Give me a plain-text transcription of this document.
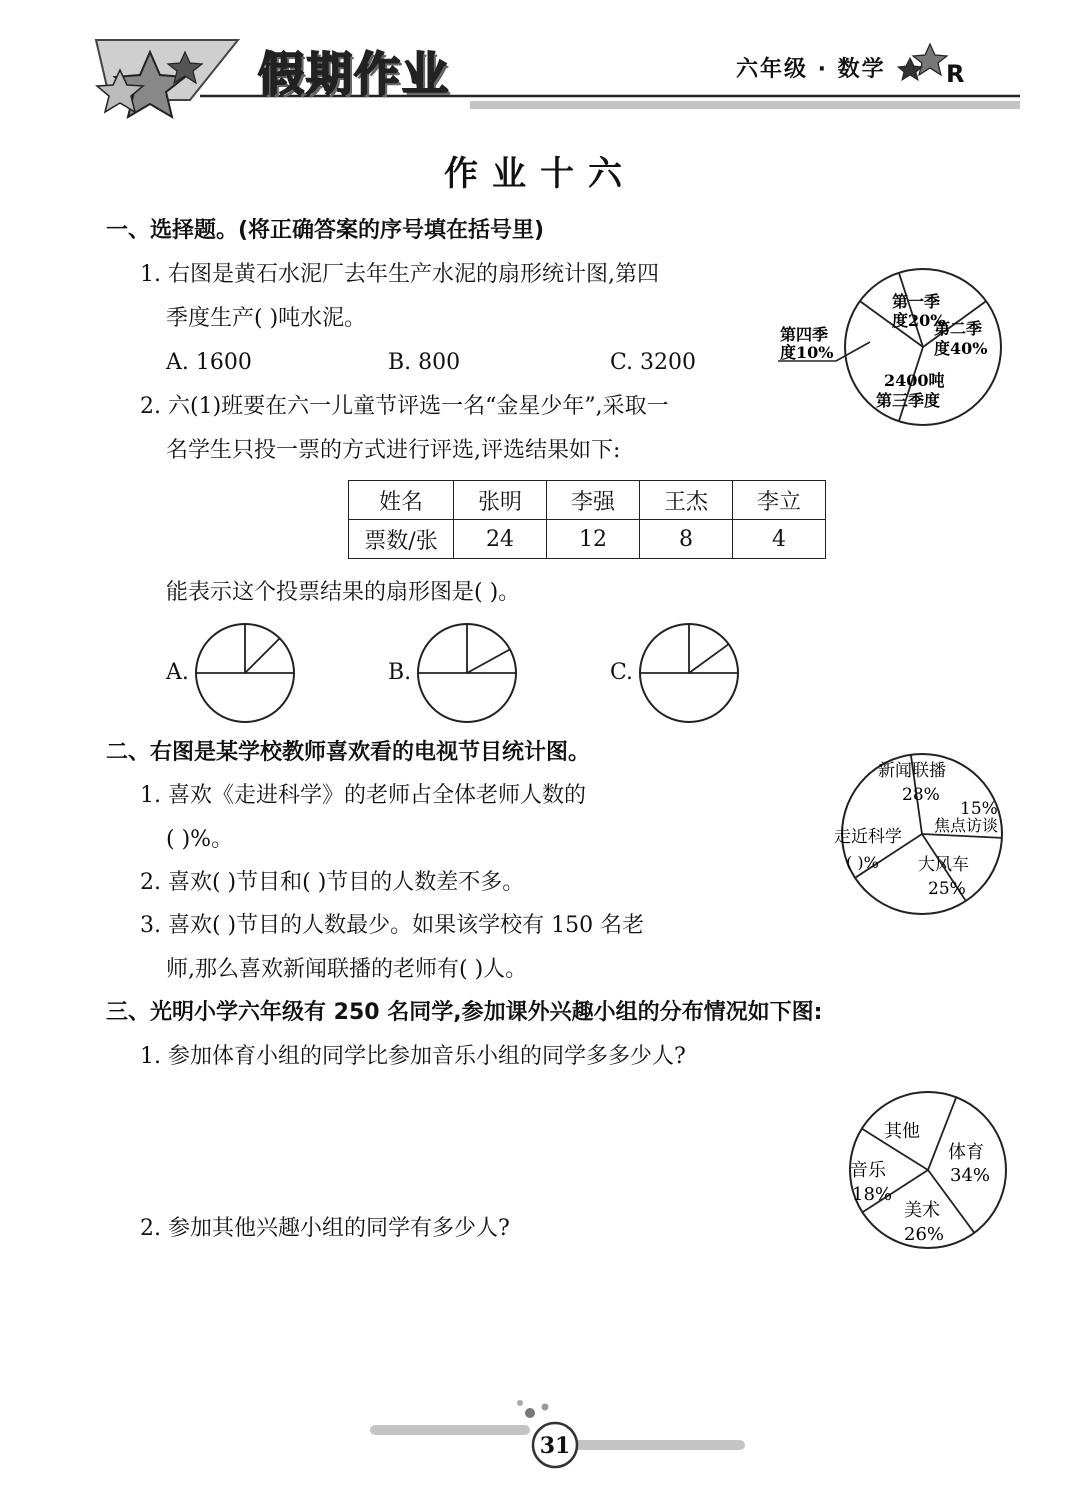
假期作业	六年级 · 数学	R
作业十六
一、选择题。(将正确答案的序号填在括号里)
1. 右图是黄石水泥厂去年生产水泥的扇形统计图,第四
季度生产( )吨水泥。
A. 1600	B. 800	C. 3200
2. 六(1)班要在六一儿童节评选一名“金星少年”,采取一
名学生只投一票的方式进行评选,评选结果如下:
姓名	张明	李强	王杰	李立
票数/张	24	12	8	4
能表示这个投票结果的扇形图是( )。
A.	B.	C.
第一季
度20%
第二季
度40%
2400吨
第三季度
第四季
度10%
二、右图是某学校教师喜欢看的电视节目统计图。
1. 喜欢《走进科学》的老师占全体老师人数的
( )%。
2. 喜欢( )节目和( )节目的人数差不多。
3. 喜欢( )节目的人数最少。如果该学校有 150 名老
师,那么喜欢新闻联播的老师有( )人。
新闻联播
28%
15%
焦点访谈
大风车
25%
走近科学
( )%
三、光明小学六年级有 250 名同学,参加课外兴趣小组的分布情况如下图:
1. 参加体育小组的同学比参加音乐小组的同学多多少人?
2. 参加其他兴趣小组的同学有多少人?
其他
体育
34%
美术
26%
音乐
18%
31
